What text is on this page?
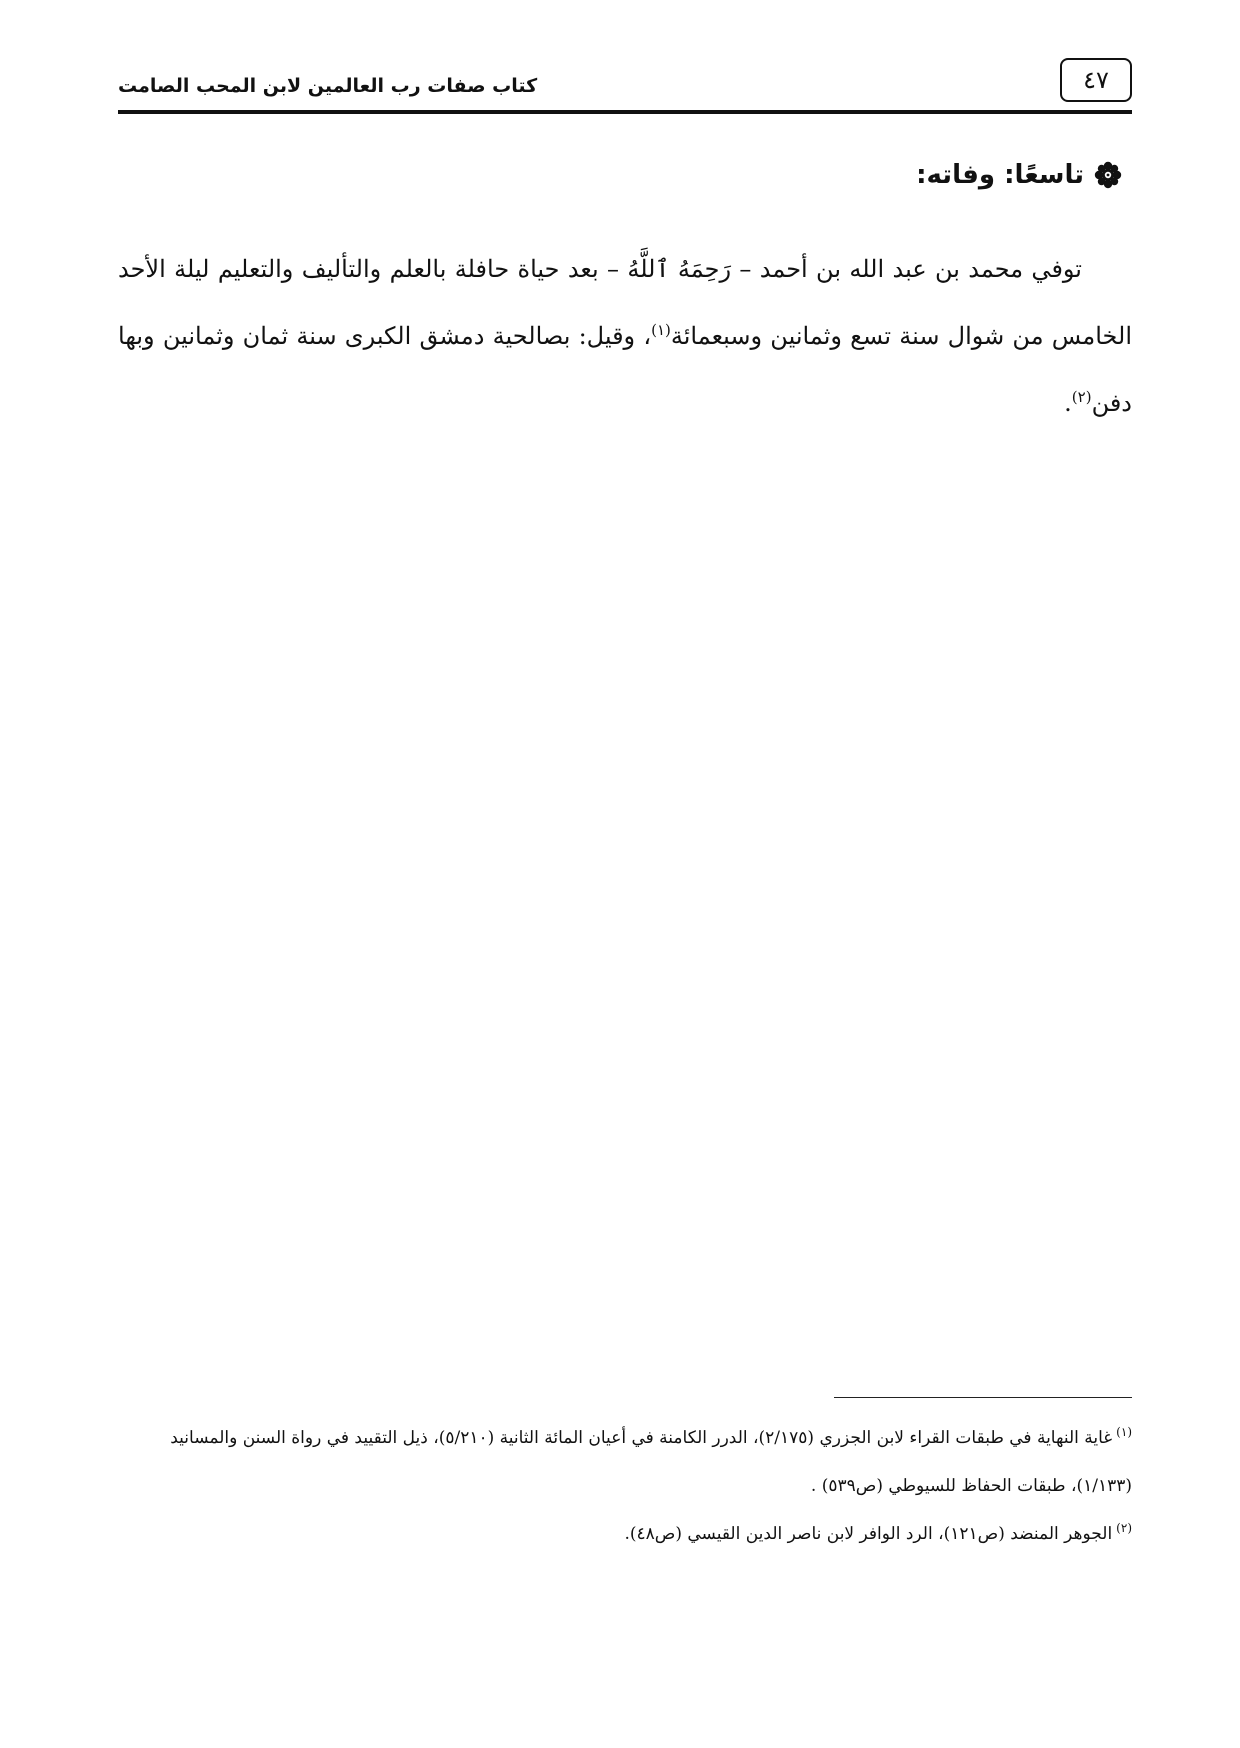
٤٧
كتاب صفات رب العالمين لابن المحب الصامت
تاسعًا: وفاته:

توفي محمد بن عبد الله بن أحمد – رَحِمَهُ ٱللَّهُ – بعد حياة حافلة بالعلم والتأليف والتعليم ليلة الأحد الخامس من شوال سنة تسع وثمانين وسبعمائة$^{(١)}$، وقيل: بصالحية دمشق الكبرى سنة ثمان وثمانين وبها دفن$^{(٢)}$.

$^{(١)}$غاية النهاية في طبقات القراء لابن الجزري (٢/١٧٥)، الدرر الكامنة في أعيان المائة الثانية (٥/٢١٠)، ذيل التقييد في رواة السنن والمسانيد (١/١٣٣)، طبقات الحفاظ للسيوطي (ص٥٣٩) .

$^{(٢)}$الجوهر المنضد (ص١٢١)، الرد الوافر لابن ناصر الدين القيسي (ص٤٨).
